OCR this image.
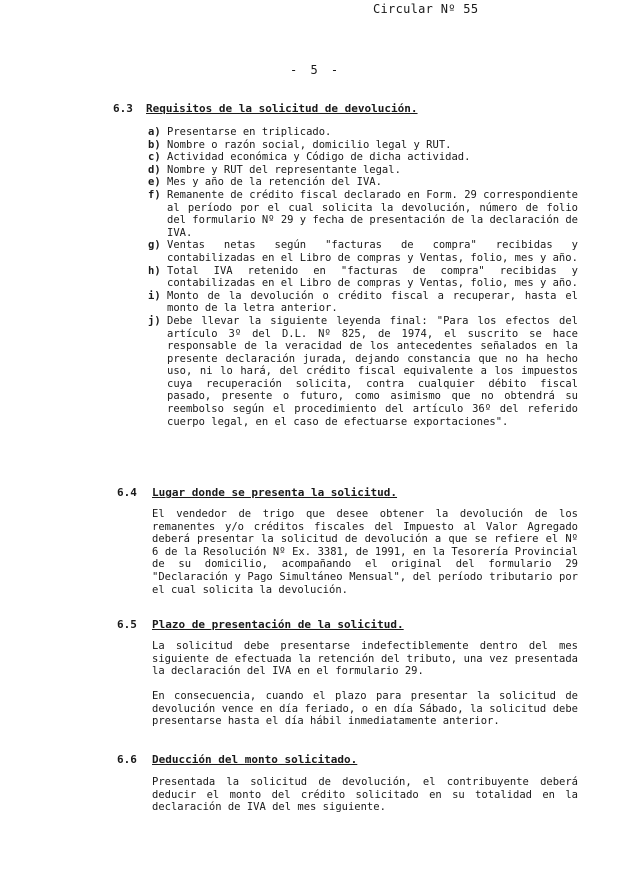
Circular Nº 55
- 5 -
6.3 Requisitos de la solicitud de devolución.
a) Presentarse en triplicado.
b) Nombre o razón social, domicilio legal y RUT.
c) Actividad económica y Código de dicha actividad.
d) Nombre y RUT del representante legal.
e) Mes y año de la retención del IVA.
f) Remanente de crédito fiscal declarado en Form. 29 correspondiente al período por el cual solicita la devolución, número de folio del formulario Nº 29 y fecha de presentación de la declaración de IVA.
g) Ventas netas según "facturas de compra" recibidas y contabilizadas en el Libro de compras y Ventas, folio, mes y año.
h) Total IVA retenido en "facturas de compra" recibidas y contabilizadas en el Libro de compras y Ventas, folio, mes y año.
i) Monto de la devolución o crédito fiscal a recuperar, hasta el monto de la letra anterior.
j) Debe llevar la siguiente leyenda final: "Para los efectos del artículo 3º del D.L. Nº 825, de 1974, el suscrito se hace responsable de la veracidad de los antecedentes señalados en la presente declaración jurada, dejando constancia que no ha hecho uso, ni lo hará, del crédito fiscal equivalente a los impuestos cuya recuperación solicita, contra cualquier débito fiscal pasado, presente o futuro, como asimismo que no obtendrá su reembolso según el procedimiento del artículo 36º del referido cuerpo legal, en el caso de efectuarse exportaciones".
6.4 Lugar donde se presenta la solicitud.

El vendedor de trigo que desee obtener la devolución de los remanentes y/o créditos fiscales del Impuesto al Valor Agregado deberá presentar la solicitud de devolución a que se refiere el Nº 6 de la Resolución Nº Ex. 3381, de 1991, en la Tesorería Provincial de su domicilio, acompañando el original del formulario 29 "Declaración y Pago Simultáneo Mensual", del período tributario por el cual solicita la devolución.

6.5 Plazo de presentación de la solicitud.

La solicitud debe presentarse indefectiblemente dentro del mes siguiente de efectuada la retención del tributo, una vez presentada la declaración del IVA en el formulario 29.

En consecuencia, cuando el plazo para presentar la solicitud de devolución vence en día feriado, o en día Sábado, la solicitud debe presentarse hasta el día hábil inmediatamente anterior.

6.6 Deducción del monto solicitado.

Presentada la solicitud de devolución, el contribuyente deberá deducir el monto del crédito solicitado en su totalidad en la declaración de IVA del mes siguiente.
